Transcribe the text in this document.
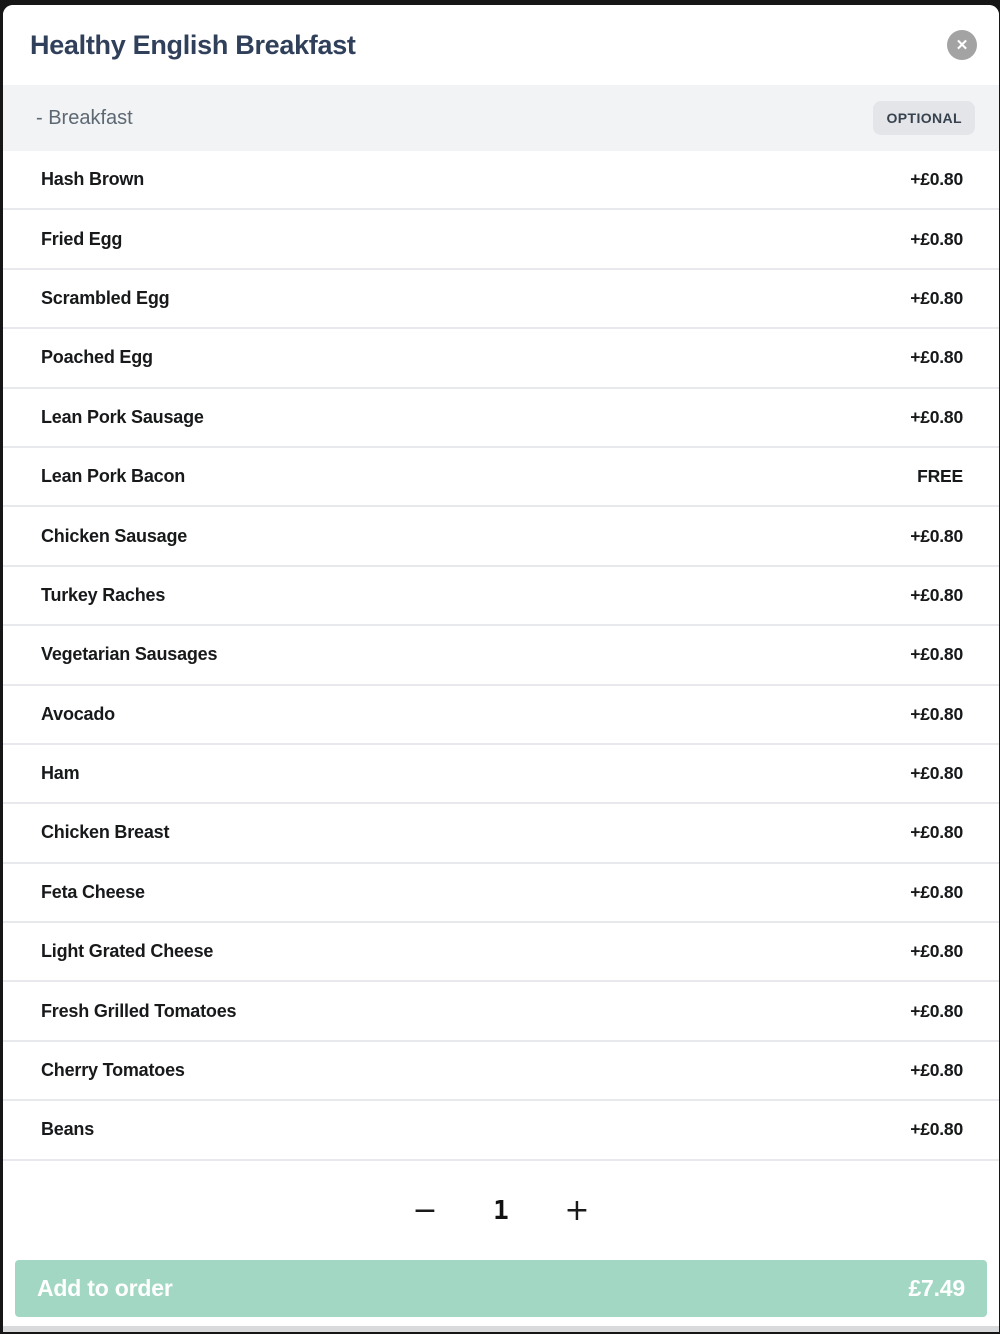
Healthy English Breakfast	✕
- Breakfast	OPTIONAL
Hash Brown	+£0.80
Fried Egg	+£0.80
Scrambled Egg	+£0.80
Poached Egg	+£0.80
Lean Pork Sausage	+£0.80
Lean Pork Bacon	FREE
Chicken Sausage	+£0.80
Turkey Raches	+£0.80
Vegetarian Sausages	+£0.80
Avocado	+£0.80
Ham	+£0.80
Chicken Breast	+£0.80
Feta Cheese	+£0.80
Light Grated Cheese	+£0.80
Fresh Grilled Tomatoes	+£0.80
Cherry Tomatoes	+£0.80
Beans	+£0.80
− 1 +
Add to order	£7.49
